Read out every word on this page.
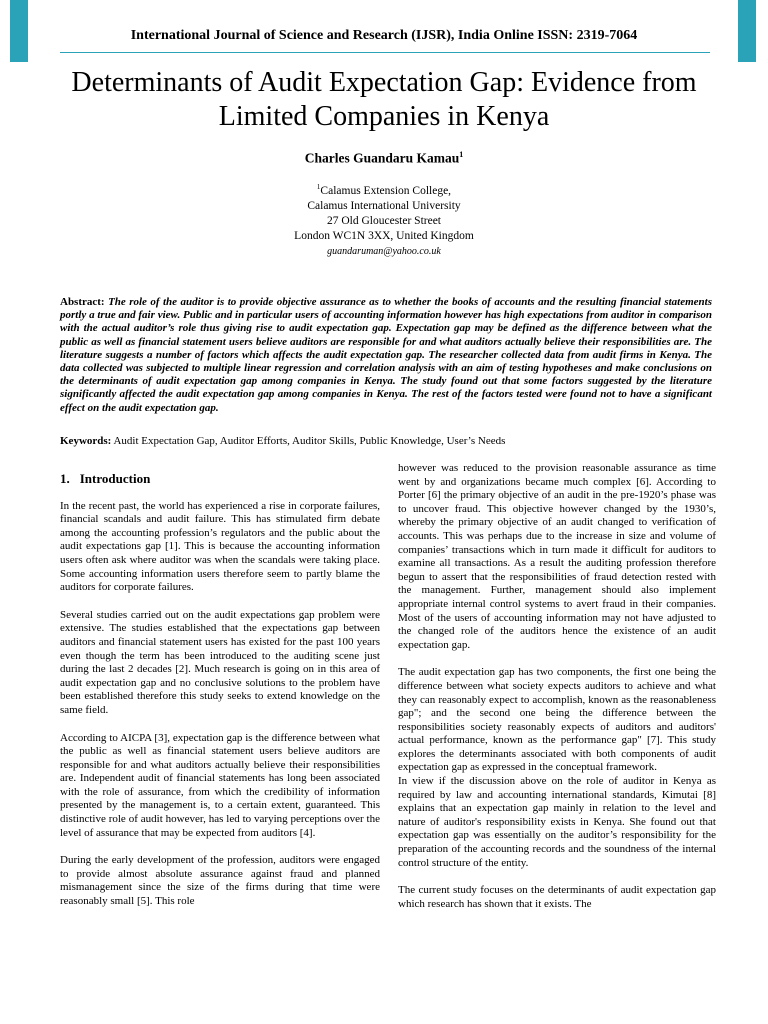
International Journal of Science and Research (IJSR), India Online ISSN: 2319-7064
Determinants of Audit Expectation Gap: Evidence from Limited Companies in Kenya
Charles Guandaru Kamau$^1$
$^1$Calamus Extension College,
Calamus International University
27 Old Gloucester Street
London WC1N 3XX, United Kingdom
guandaruman@yahoo.co.uk
Abstract: The role of the auditor is to provide objective assurance as to whether the books of accounts and the resulting financial statements portly a true and fair view. Public and in particular users of accounting information however has high expectations from auditor in comparison with the actual auditor’s role thus giving rise to audit expectation gap. Expectation gap may be defined as the difference between what the public as well as financial statement users believe auditors are responsible for and what auditors actually believe their responsibilities are. The literature suggests a number of factors which affects the audit expectation gap. The researcher collected data from audit firms in Kenya. The data collected was subjected to multiple linear regression and correlation analysis with an aim of testing hypotheses and make conclusions on the determinants of audit expectation gap among companies in Kenya. The study found out that some factors suggested by the literature significantly affected the audit expectation gap among companies in Kenya. The rest of the factors tested were found not to have a significant effect on the audit expectation gap.
Keywords: Audit Expectation Gap, Auditor Efforts, Auditor Skills, Public Knowledge, User’s Needs
1. Introduction

In the recent past, the world has experienced a rise in corporate failures, financial scandals and audit failure. This has stimulated firm debate among the accounting profession’s regulators and the public about the audit expectations gap [1]. This is because the accounting information users often ask where auditor was when the scandals were taking place. Some accounting information users therefore seem to partly blame the auditors for corporate failures.

Several studies carried out on the audit expectations gap problem were extensive. The studies established that the expectations gap between auditors and financial statement users has existed for the past 100 years even though the term has been introduced to the auditing scene just during the last 2 decades [2]. Much research is going on in this area of audit expectation gap and no conclusive solutions to the problem have been established therefore this study seeks to extend knowledge on the same field.

According to AICPA [3], expectation gap is the difference between what the public as well as financial statement users believe auditors are responsible for and what auditors actually believe their responsibilities are. Independent audit of financial statements has long been associated with the role of assurance, from which the credibility of information presented by the management is, to a certain extent, guaranteed. This distinctive role of audit however, has led to varying perceptions over the level of assurance that may be expected from auditors [4].

During the early development of the profession, auditors were engaged to provide almost absolute assurance against fraud and planned mismanagement since the size of the firms during that time were reasonably small [5]. This role

however was reduced to the provision reasonable assurance as time went by and organizations became much complex [6]. According to Porter [6] the primary objective of an audit in the pre-1920’s phase was to uncover fraud. This objective however changed by the 1930’s, whereby the primary objective of an audit changed to verification of accounts. This was perhaps due to the increase in size and volume of companies’ transactions which in turn made it difficult for auditors to examine all transactions. As a result the auditing profession therefore begun to assert that the responsibilities of fraud detection rested with the management. Further, management should also implement appropriate internal control systems to avert fraud in their companies. Most of the users of accounting information may not have adjusted to the changed role of the auditors hence the existence of an audit expectation gap.

The audit expectation gap has two components, the first one being the difference between what society expects auditors to achieve and what they can reasonably expect to accomplish, known as the reasonableness gap"; and the second one being the difference between the responsibilities society reasonably expects of auditors and auditors' actual performance, known as the performance gap" [7]. This study explores the determinants associated with both components of audit expectation gap as expressed in the conceptual framework.

In view if the discussion above on the role of auditor in Kenya as required by law and accounting international standards, Kimutai [8] explains that an expectation gap mainly in relation to the level and nature of auditor's responsibility exists in Kenya. She found out that expectation gap was essentially on the auditor’s responsibility for the preparation of the accounting records and the soundness of the internal control structure of the entity.

The current study focuses on the determinants of audit expectation gap which research has shown that it exists. The
